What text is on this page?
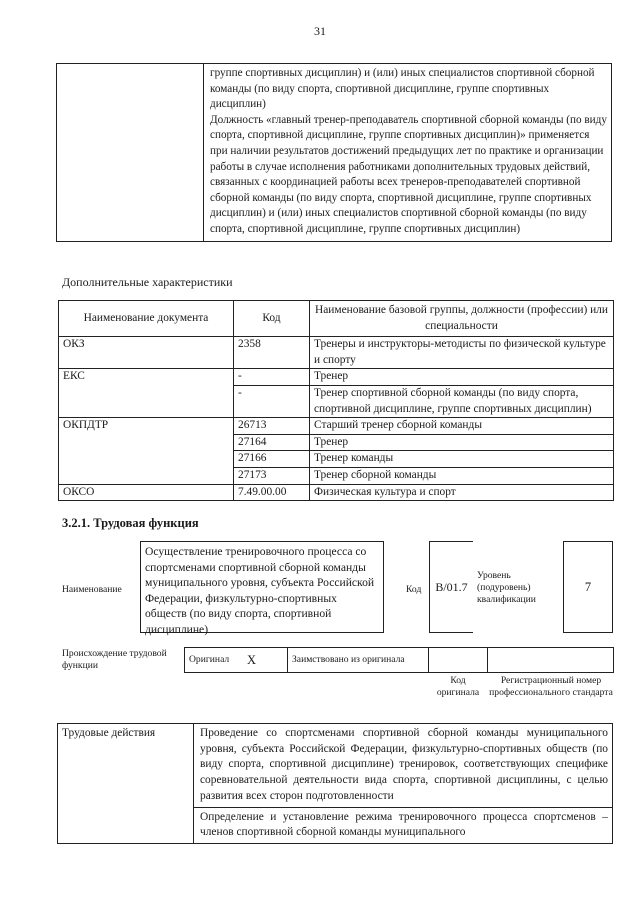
31

группе спортивных дисциплин) и (или) иных специалистов спортивной сборной команды (по виду спорта, спортивной дисциплине, группе спортивных дисциплин)
Должность «главный тренер-преподаватель спортивной сборной команды (по виду спорта, спортивной дисциплине, группе спортивных дисциплин)» применяется при наличии результатов достижений предыдущих лет по практике и организации работы в случае исполнения работниками дополнительных трудовых действий, связанных с координацией работы всех тренеров-преподавателей спортивной сборной команды (по виду спорта, спортивной дисциплине, группе спортивных дисциплин) и (или) иных специалистов спортивной сборной команды (по виду спорта, спортивной дисциплине, группе спортивных дисциплин)
Дополнительные характеристики
Наименование документа	Код	Наименование базовой группы, должности (профессии) или специальности
ОКЗ	2358	Тренеры и инструкторы-методисты по физической культуре и спорту
ЕКС	-	Тренер
	-	Тренер спортивной сборной команды (по виду спорта, спортивной дисциплине, группе спортивных дисциплин)
ОКПДТР	26713	Старший тренер сборной команды
	27164	Тренер
	27166	Тренер команды
	27173	Тренер сборной команды
ОКСО	7.49.00.00	Физическая культура и спорт
3.2.1. Трудовая функция
Наименование
Осуществление тренировочного процесса со спортсменами спортивной сборной команды муниципального уровня, субъекта Российской Федерации, физкультурно-спортивных обществ (по виду спорта, спортивной дисциплине)
Код	В/01.7
Уровень (подуровень) квалификации
7
Происхождение трудовой функции
Оригинал	X	Заимствовано из оригинала
Код оригинала
Регистрационный номер профессионального стандарта
Трудовые действия	Проведение со спортсменами спортивной сборной команды муниципального уровня, субъекта Российской Федерации, физкультурно-спортивных обществ (по виду спорта, спортивной дисциплине) тренировок, соответствующих специфике соревновательной деятельности вида спорта, спортивной дисциплины, с целью развития всех сторон подготовленности
Определение и установление режима тренировочного процесса спортсменов – членов спортивной сборной команды муниципального
